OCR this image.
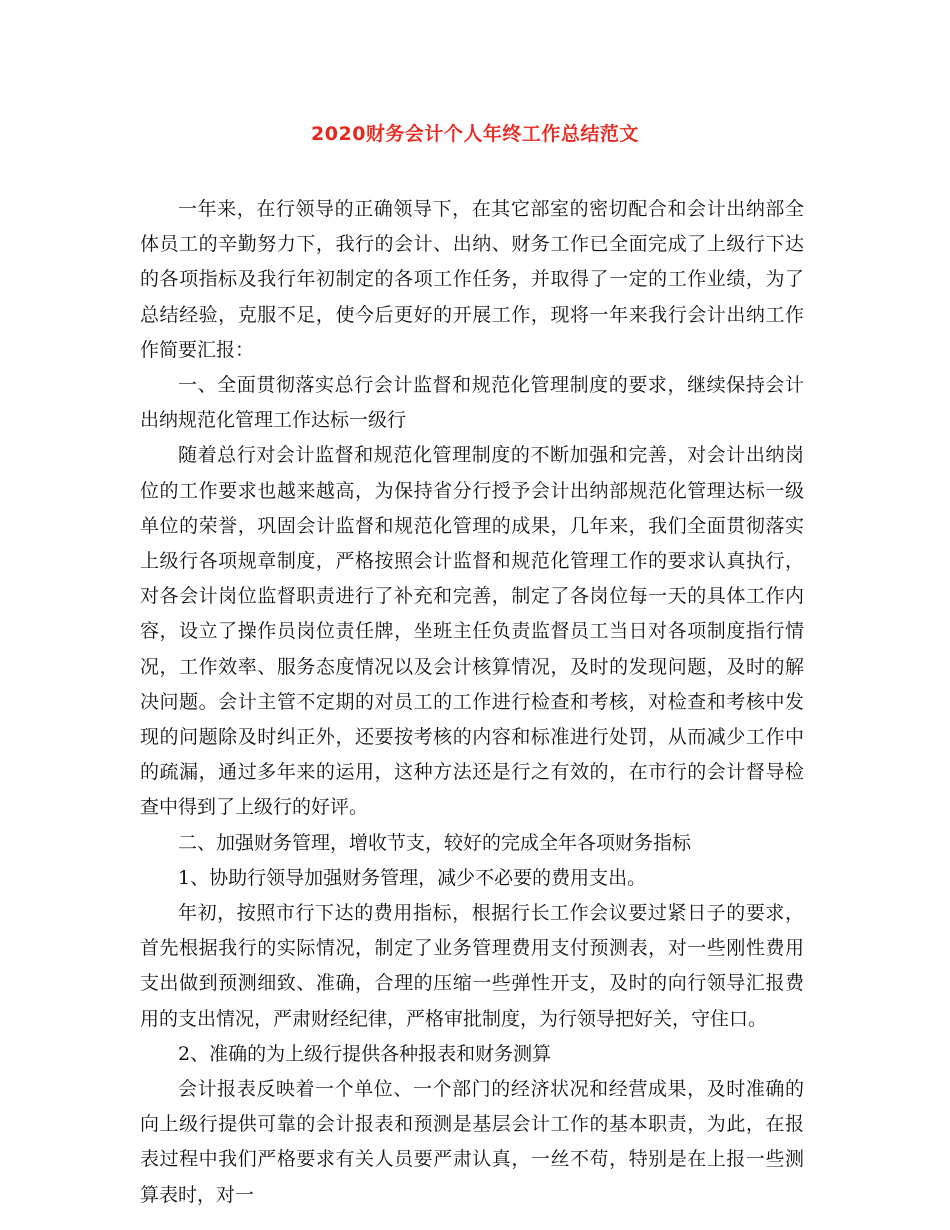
2020财务会计个人年终工作总结范文

一年来，在行领导的正确领导下，在其它部室的密切配合和会计出纳部全体员工的辛勤努力下，我行的会计、出纳、财务工作已全面完成了上级行下达的各项指标及我行年初制定的各项工作任务，并取得了一定的工作业绩，为了总结经验，克服不足，使今后更好的开展工作，现将一年来我行会计出纳工作作简要汇报：

一、全面贯彻落实总行会计监督和规范化管理制度的要求，继续保持会计出纳规范化管理工作达标一级行

随着总行对会计监督和规范化管理制度的不断加强和完善，对会计出纳岗位的工作要求也越来越高，为保持省分行授予会计出纳部规范化管理达标一级单位的荣誉，巩固会计监督和规范化管理的成果，几年来，我们全面贯彻落实上级行各项规章制度，严格按照会计监督和规范化管理工作的要求认真执行，对各会计岗位监督职责进行了补充和完善，制定了各岗位每一天的具体工作内容，设立了操作员岗位责任牌，坐班主任负责监督员工当日对各项制度指行情况，工作效率、服务态度情况以及会计核算情况，及时的发现问题，及时的解决问题。会计主管不定期的对员工的工作进行检查和考核，对检查和考核中发现的问题除及时纠正外，还要按考核的内容和标准进行处罚，从而减少工作中的疏漏，通过多年来的运用，这种方法还是行之有效的，在市行的会计督导检查中得到了上级行的好评。

二、加强财务管理，增收节支，较好的完成全年各项财务指标

1、协助行领导加强财务管理，减少不必要的费用支出。

年初，按照市行下达的费用指标，根据行长工作会议要过紧日子的要求，首先根据我行的实际情况，制定了业务管理费用支付预测表，对一些刚性费用支出做到预测细致、准确，合理的压缩一些弹性开支，及时的向行领导汇报费用的支出情况，严肃财经纪律，严格审批制度，为行领导把好关，守住口。

2、准确的为上级行提供各种报表和财务测算

会计报表反映着一个单位、一个部门的经济状况和经营成果，及时准确的向上级行提供可靠的会计报表和预测是基层会计工作的基本职责，为此，在报表过程中我们严格要求有关人员要严肃认真，一丝不苟，特别是在上报一些测算表时，对一
